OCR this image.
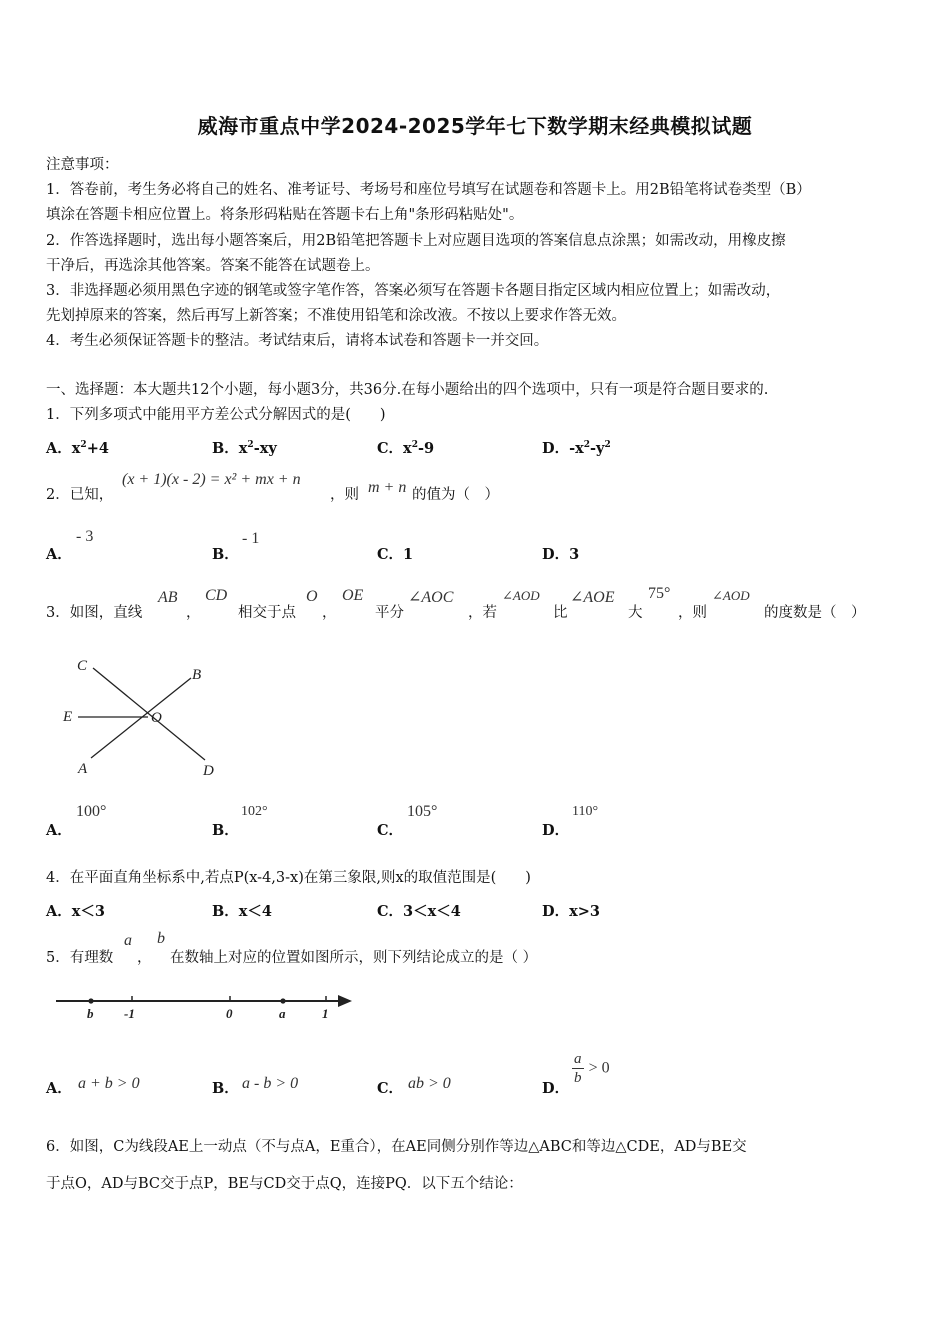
威海市重点中学2024-2025学年七下数学期末经典模拟试题
注意事项：
1．答卷前，考生务必将自己的姓名、准考证号、考场号和座位号填写在试题卷和答题卡上。用2B铅笔将试卷类型（B）
填涂在答题卡相应位置上。将条形码粘贴在答题卡右上角"条形码粘贴处"。
2．作答选择题时，选出每小题答案后，用2B铅笔把答题卡上对应题目选项的答案信息点涂黑；如需改动，用橡皮擦
干净后，再选涂其他答案。答案不能答在试题卷上。
3．非选择题必须用黑色字迹的钢笔或签字笔作答，答案必须写在答题卡各题目指定区域内相应位置上；如需改动，
先划掉原来的答案，然后再写上新答案；不准使用铅笔和涂改液。不按以上要求作答无效。
4．考生必须保证答题卡的整洁。考试结束后，请将本试卷和答题卡一并交回。
一、选择题：本大题共12个小题，每小题3分，共36分.在每小题给出的四个选项中，只有一项是符合题目要求的.
1．下列多项式中能用平方差公式分解因式的是(　　)
A．$x^2+4$	B．$x^2-xy$	C．$x^2-9$	D．$-x^2-y^2$
2．已知，
(x + 1)(x - 2) = x² + mx + n
，则 m + n 的值为（　）
A．
- 3
B．
- 1
C．1	D．3
3．如图，直线
AB
，
CD
相交于点
O
，
OE
平分
∠AOC
，若
∠AOD
比
∠AOE
大
75°
，则
∠AOD
的度数是（　）
C
B
E	O
A	D
A．
100°
B．
102°
C．
105°
D．
110°
4．在平面直角坐标系中,若点P(x-4,3-x)在第三象限,则x的取值范围是(　　)
A．x＜3	B．x＜4	C．3＜x＜4	D．x>3
5．有理数
a
，
b
在数轴上对应的位置如图所示，则下列结论成立的是（ ）
b -1	0	a	1
A． a + b > 0	B． a - b > 0	C． ab > 0	D．
$\frac{a}{b} > 0$
6．如图，C为线段AE上一动点（不与点A，E重合），在AE同侧分别作等边△ABC和等边△CDE，AD与BE交
于点O，AD与BC交于点P，BE与CD交于点Q，连接PQ．以下五个结论：
